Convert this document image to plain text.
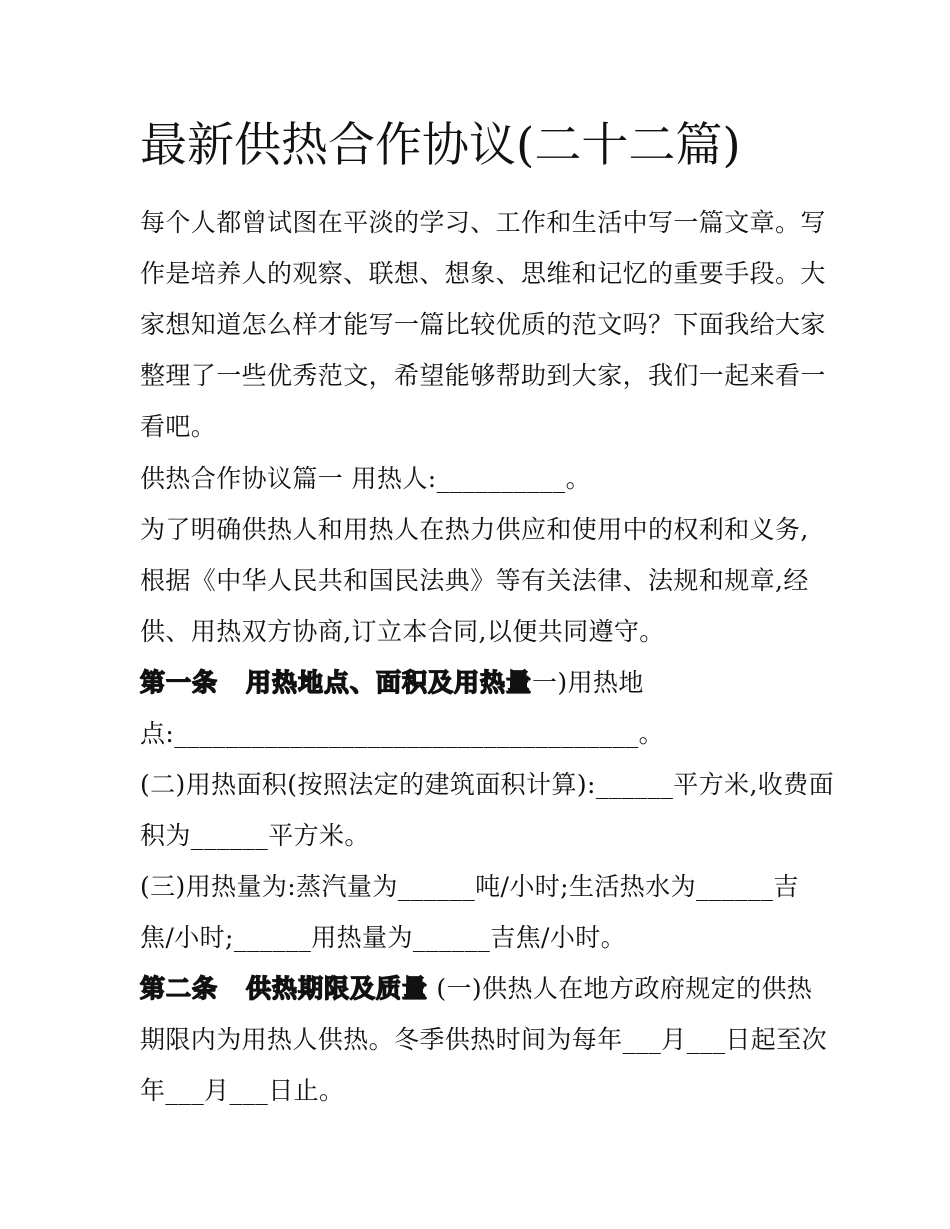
最新供热合作协议(二十二篇)
每个人都曾试图在平淡的学习、工作和生活中写一篇文章。写
作是培养人的观察、联想、想象、思维和记忆的重要手段。大
家想知道怎么样才能写一篇比较优质的范文吗？下面我给大家
整理了一些优秀范文，希望能够帮助到大家，我们一起来看一
看吧。
供热合作协议篇一 用热人:__________。
为了明确供热人和用热人在热力供应和使用中的权利和义务,
根据《中华人民共和国民法典》等有关法律、法规和规章,经
供、用热双方协商,订立本合同,以便共同遵守。
第一条 用热地点、面积及用热量一)用热地
点:____________________________________。
(二)用热面积(按照法定的建筑面积计算):______平方米,收费面
积为______平方米。
(三)用热量为:蒸汽量为______吨/小时;生活热水为______吉
焦/小时;______用热量为______吉焦/小时。
第二条 供热期限及质量 (一)供热人在地方政府规定的供热
期限内为用热人供热。冬季供热时间为每年___月___日起至次
年___月___日止。
